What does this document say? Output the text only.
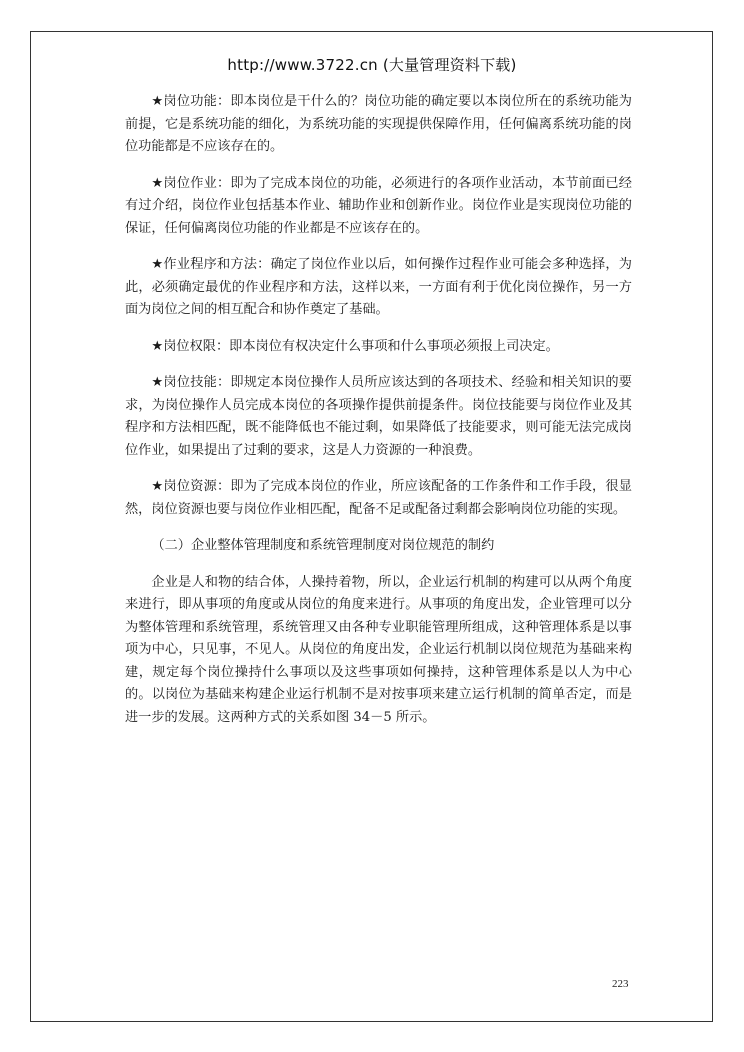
http://www.3722.cn (大量管理资料下载)

★岗位功能：即本岗位是干什么的？岗位功能的确定要以本岗位所在的系统功能为前提，它是系统功能的细化，为系统功能的实现提供保障作用，任何偏离系统功能的岗位功能都是不应该存在的。

★岗位作业：即为了完成本岗位的功能，必须进行的各项作业活动，本节前面已经有过介绍，岗位作业包括基本作业、辅助作业和创新作业。岗位作业是实现岗位功能的保证，任何偏离岗位功能的作业都是不应该存在的。

★作业程序和方法：确定了岗位作业以后，如何操作过程作业可能会多种选择，为此，必须确定最优的作业程序和方法，这样以来，一方面有利于优化岗位操作，另一方面为岗位之间的相互配合和协作奠定了基础。

★岗位权限：即本岗位有权决定什么事项和什么事项必须报上司决定。

★岗位技能：即规定本岗位操作人员所应该达到的各项技术、经验和相关知识的要求，为岗位操作人员完成本岗位的各项操作提供前提条件。岗位技能要与岗位作业及其程序和方法相匹配，既不能降低也不能过剩，如果降低了技能要求，则可能无法完成岗位作业，如果提出了过剩的要求，这是人力资源的一种浪费。

★岗位资源：即为了完成本岗位的作业，所应该配备的工作条件和工作手段，很显然，岗位资源也要与岗位作业相匹配，配备不足或配备过剩都会影响岗位功能的实现。

（二）企业整体管理制度和系统管理制度对岗位规范的制约

企业是人和物的结合体，人操持着物，所以，企业运行机制的构建可以从两个角度来进行，即从事项的角度或从岗位的角度来进行。从事项的角度出发，企业管理可以分为整体管理和系统管理，系统管理又由各种专业职能管理所组成，这种管理体系是以事项为中心，只见事，不见人。从岗位的角度出发，企业运行机制以岗位规范为基础来构建，规定每个岗位操持什么事项以及这些事项如何操持，这种管理体系是以人为中心的。以岗位为基础来构建企业运行机制不是对按事项来建立运行机制的简单否定，而是进一步的发展。这两种方式的关系如图 34－5 所示。

223
